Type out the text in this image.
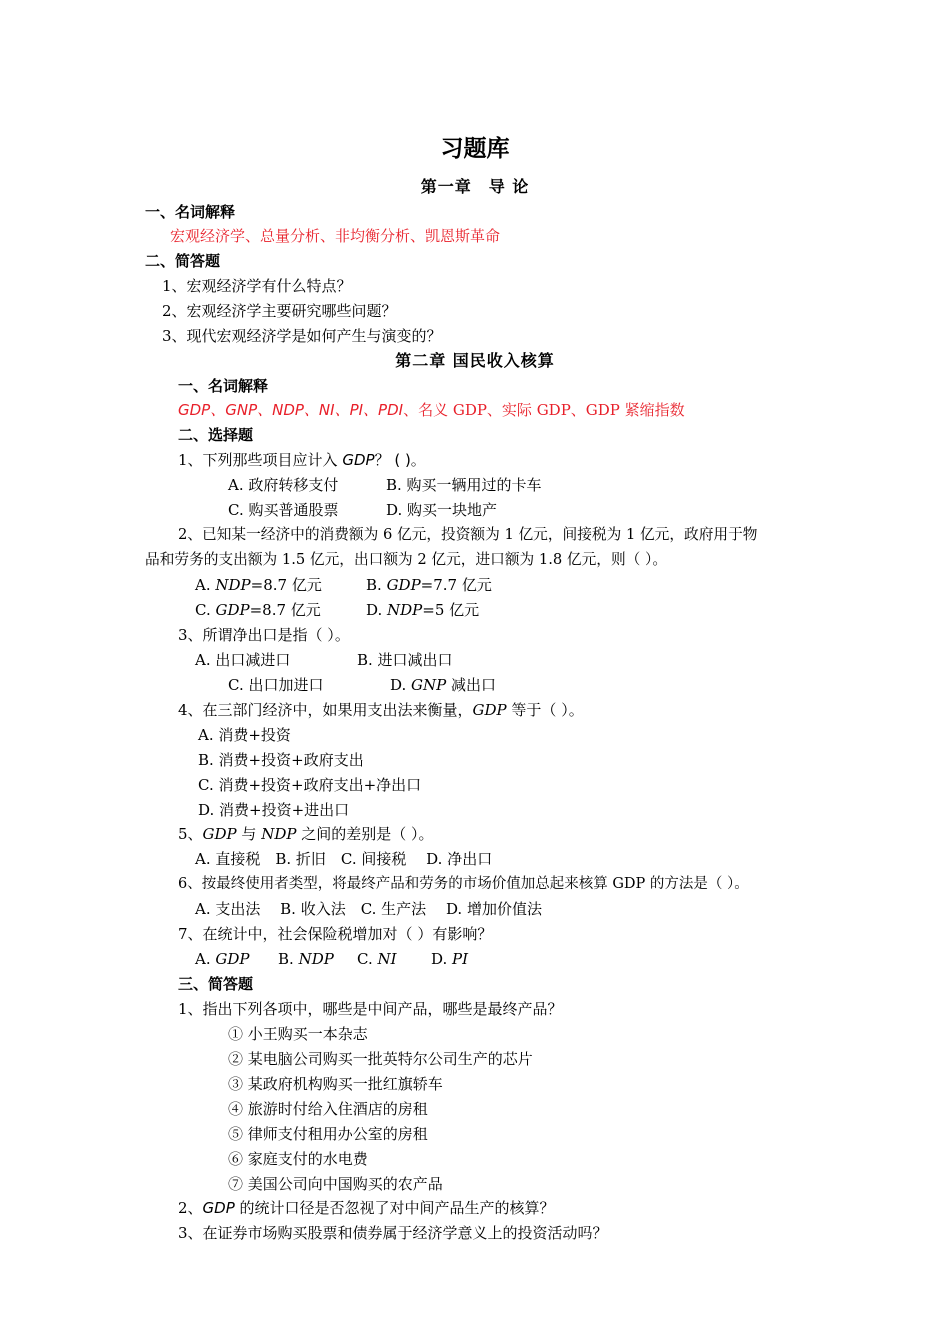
习题库
第一章　导 论
一、名词解释
宏观经济学、总量分析、非均衡分析、凯恩斯革命
二、简答题
1、宏观经济学有什么特点？
2、宏观经济学主要研究哪些问题？
3、现代宏观经济学是如何产生与演变的？
第二章 国民收入核算
一、名词解释
GDP、GNP、NDP、NI、PI、PDI、名义 GDP、实际 GDP、GDP 紧缩指数
二、选择题
1、下列那些项目应计入 GDP？ ( )。
A. 政府转移支付	B. 购买一辆用过的卡车
C. 购买普通股票	D. 购买一块地产
2、已知某一经济中的消费额为 6 亿元，投资额为 1 亿元，间接税为 1 亿元，政府用于物
品和劳务的支出额为 1.5 亿元，出口额为 2 亿元，进口额为 1.8 亿元，则（ ）。
A. NDP=8.7 亿元	B. GDP=7.7 亿元
C. GDP=8.7 亿元	D. NDP=5 亿元
3、所谓净出口是指（ ）。
A. 出口减进口	B. 进口减出口
C. 出口加进口	D. GNP 减出口
4、在三部门经济中，如果用支出法来衡量，GDP 等于（ ）。
A. 消费+投资
B. 消费+投资+政府支出
C. 消费+投资+政府支出+净出口
D. 消费+投资+进出口
5、GDP 与 NDP 之间的差别是（ ）。
A. 直接税　B. 折旧　C. 间接税　 D. 净出口
6、按最终使用者类型，将最终产品和劳务的市场价值加总起来核算 GDP 的方法是（ ）。
A. 支出法　 B. 收入法　C. 生产法　 D. 增加价值法
7、在统计中，社会保险税增加对（ ）有影响？
A. GDP B. NDP C. NI D. PI
三、简答题
1、指出下列各项中，哪些是中间产品，哪些是最终产品？
① 小王购买一本杂志
② 某电脑公司购买一批英特尔公司生产的芯片
③ 某政府机构购买一批红旗轿车
④ 旅游时付给入住酒店的房租
⑤ 律师支付租用办公室的房租
⑥ 家庭支付的水电费
⑦ 美国公司向中国购买的农产品
2、GDP 的统计口径是否忽视了对中间产品生产的核算？
3、在证券市场购买股票和债券属于经济学意义上的投资活动吗？
